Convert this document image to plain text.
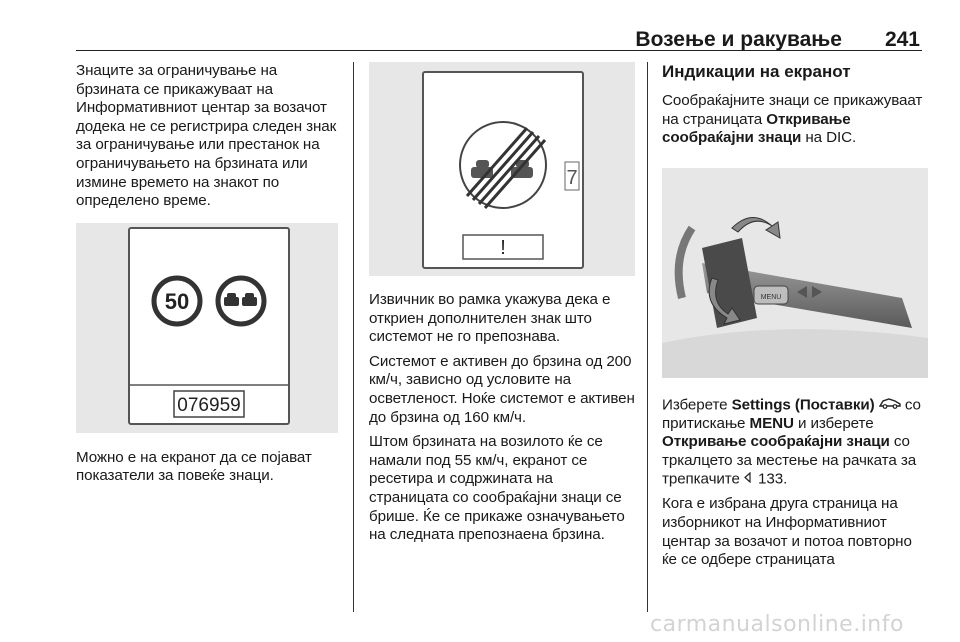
Возење и ракување 241

Знаците за ограничување на брзината се прикажуваат на Информативниот центар за возачот додека не се регистрира следен знак за ограничување или престанок на ограничувањето на брзината или измине времето на знакот по определено време.

50
076959

Можно е на екранот да се појават показатели за повеќе знаци.

7
!

Извичник во рамка укажува дека е откриен дополнителен знак што системот не го препознава.

Системот е активен до брзина од 200 км/ч, зависно од условите на осветленост. Ноќе системот е активен до брзина од 160 км/ч.

Штом брзината на возилото ќе се намали под 55 км/ч, екранот се ресетира и содржината на страницата со сообраќајни знаци се брише. Ќе се прикаже означувањето на следната препознаена брзина.

Индикации на екранот

Сообраќајните знаци се прикажуваат на страницата Откривање сообраќајни знаци на DIC.

MENU

Изберете Settings (Поставки)  со притискање MENU и изберете Откривање сообраќајни знаци со тркалцето за местење на рачката за трепкачите  133.

Кога е избрана друга страница на изборникот на Информативниот центар за возачот и потоа повторно ќе се одбере страницата

carmanualsonline.info
